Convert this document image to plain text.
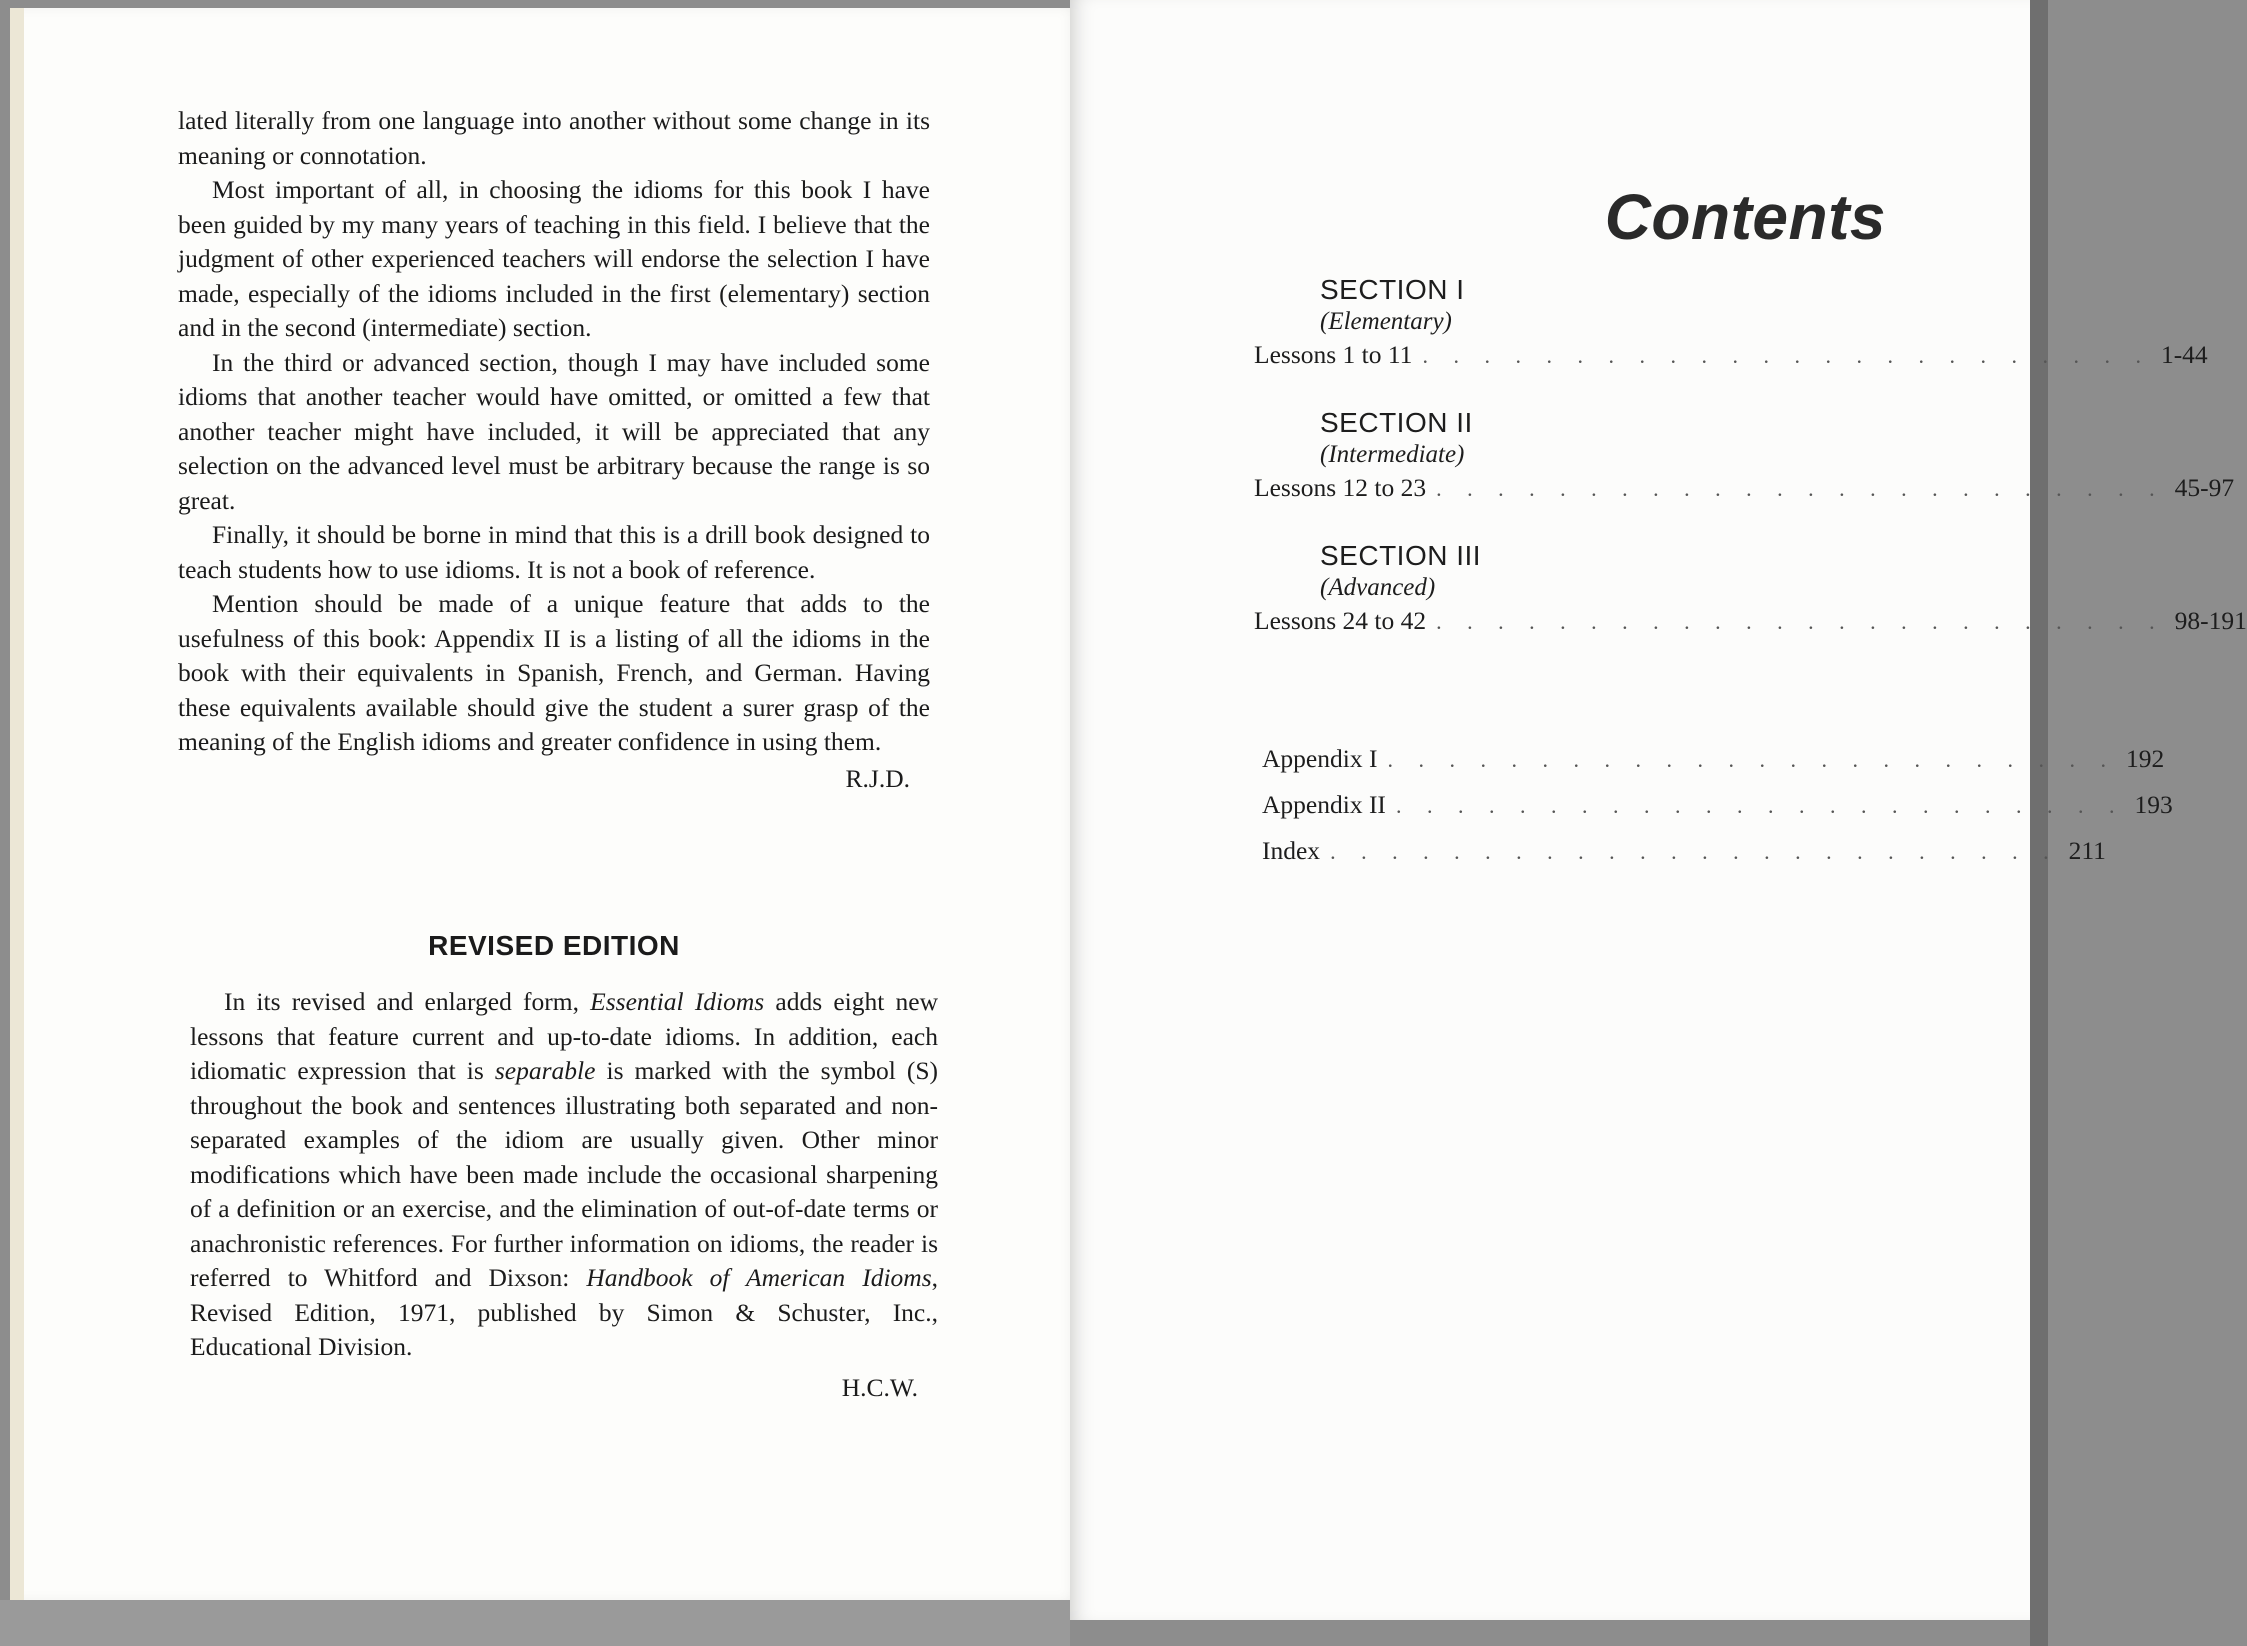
lated literally from one language into another without some change in its meaning or connotation.

Most important of all, in choosing the idioms for this book I have been guided by my many years of teaching in this field. I believe that the judgment of other experienced teachers will endorse the selection I have made, especially of the idioms included in the first (elementary) section and in the second (intermediate) section.

In the third or advanced section, though I may have included some idioms that another teacher would have omitted, or omitted a few that another teacher might have included, it will be appreciated that any selection on the advanced level must be arbitrary because the range is so great.

Finally, it should be borne in mind that this is a drill book designed to teach students how to use idioms. It is not a book of reference.

Mention should be made of a unique feature that adds to the usefulness of this book: Appendix II is a listing of all the idioms in the book with their equivalents in Spanish, French, and German. Having these equivalents available should give the student a surer grasp of the meaning of the English idioms and greater confidence in using them.

R.J.D.
REVISED EDITION

In its revised and enlarged form, Essential Idioms adds eight new lessons that feature current and up-to-date idioms. In addition, each idiomatic expression that is separable is marked with the symbol (S) throughout the book and sentences illustrating both separated and non-separated examples of the idiom are usually given. Other minor modifications which have been made include the occasional sharpening of a definition or an exercise, and the elimination of out-of-date terms or anachronistic references. For further information on idioms, the reader is referred to Whitford and Dixson: Handbook of American Idioms, Revised Edition, 1971, published by Simon & Schuster, Inc., Educational Division.

H.C.W.
Contents
SECTION I
(Elementary)
Lessons 1 to 11 . . . . . . . . . . . . . . . . . . . . . . . . 1-44
SECTION II
(Intermediate)
Lessons 12 to 23 . . . . . . . . . . . . . . . . . . . . . . . . 45-97
SECTION III
(Advanced)
Lessons 24 to 42 . . . . . . . . . . . . . . . . . . . . . . . . 98-191
Appendix I . . . . . . . . . . . . . . . . . . . . . . . . 192
Appendix II . . . . . . . . . . . . . . . . . . . . . . . . 193
Index . . . . . . . . . . . . . . . . . . . . . . . . 211
